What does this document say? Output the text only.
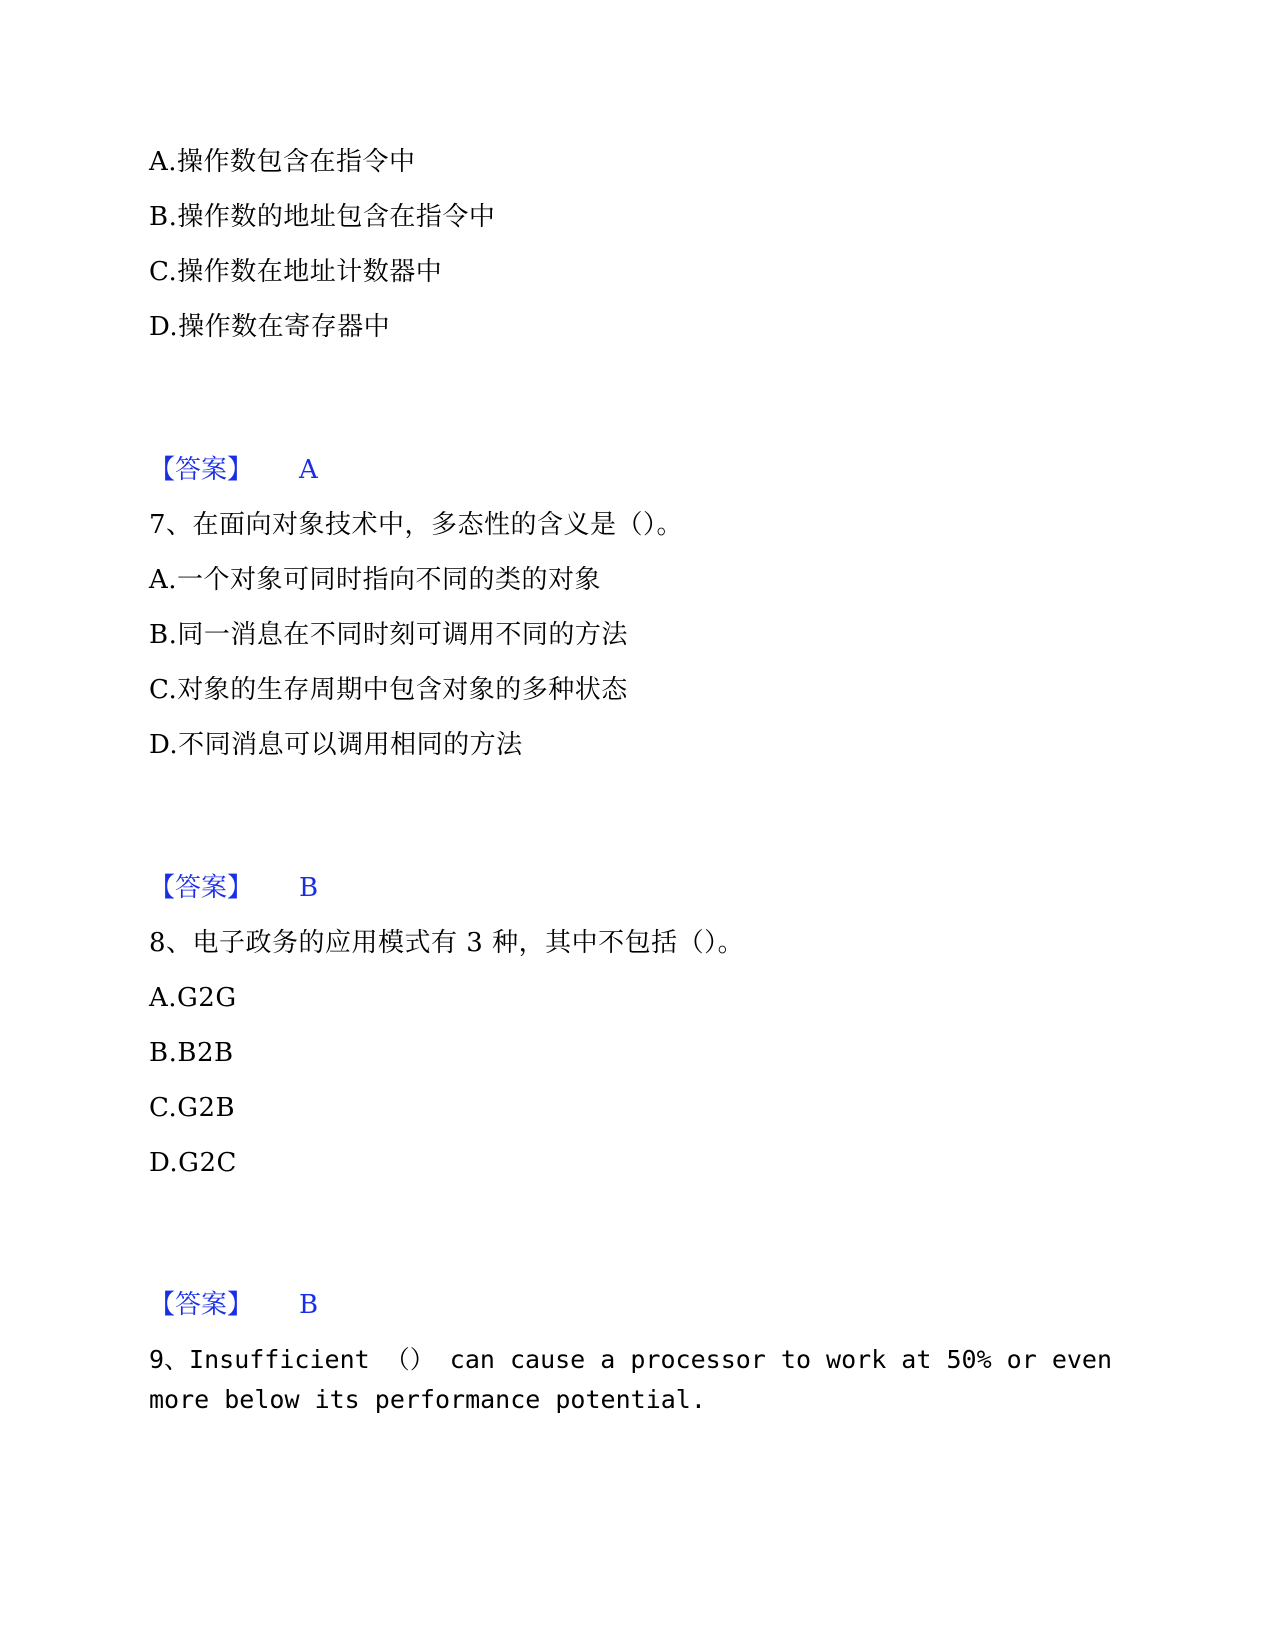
A.操作数包含在指令中
B.操作数的地址包含在指令中
C.操作数在地址计数器中
D.操作数在寄存器中
【答案】 A
7、在面向对象技术中，多态性的含义是（）。
A.一个对象可同时指向不同的类的对象
B.同一消息在不同时刻可调用不同的方法
C.对象的生存周期中包含对象的多种状态
D.不同消息可以调用相同的方法
【答案】 B
8、电子政务的应用模式有 3 种，其中不包括（）。
A.G2G
B.B2B
C.G2B
D.G2C
【答案】 B
9、Insufficient （） can cause a processor to work at 50% or even
more below its performance potential.
